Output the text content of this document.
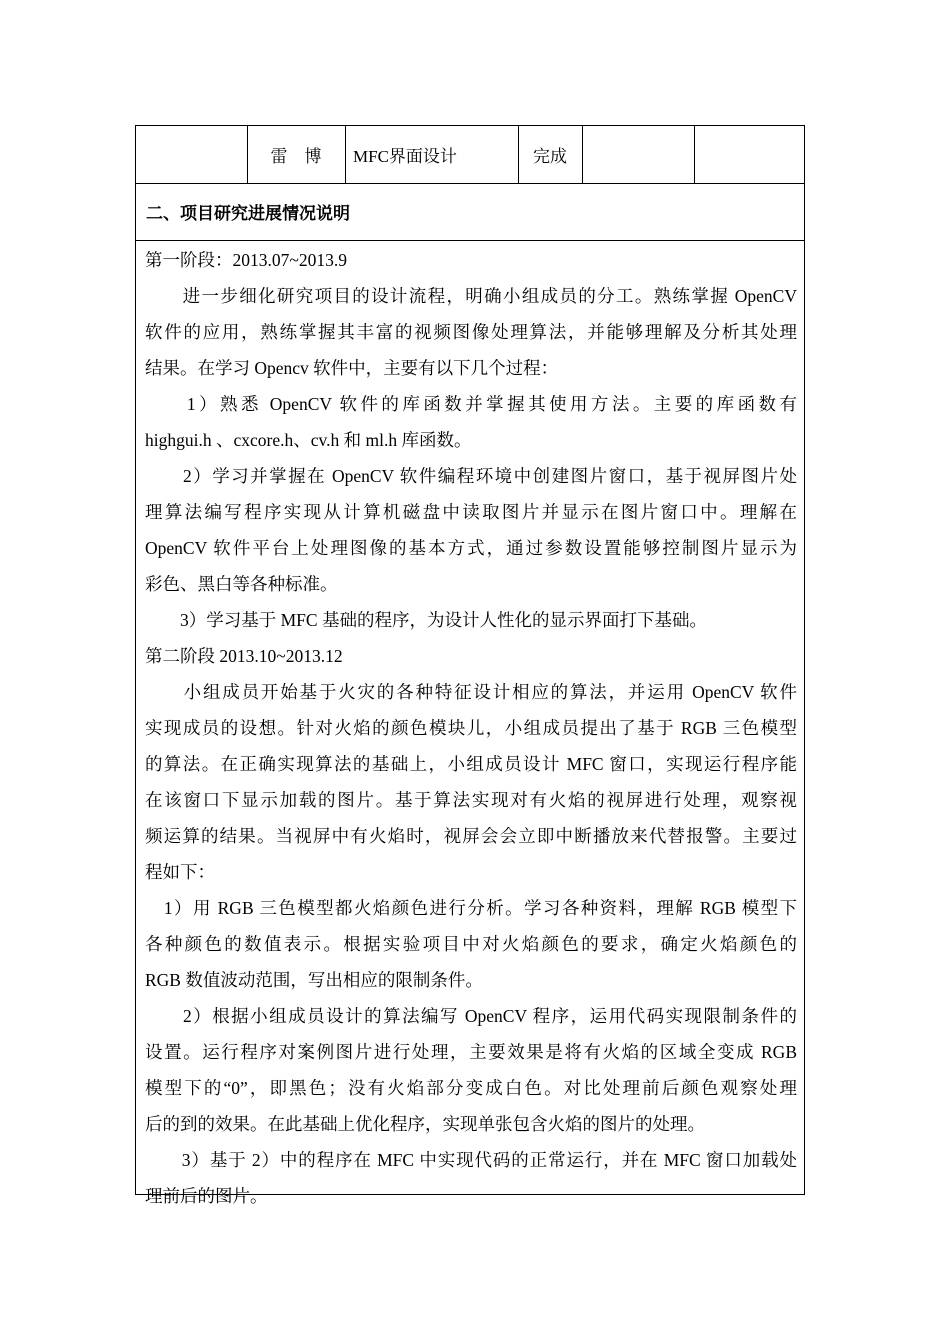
雷　博	MFC界面设计	完成
二、项目研究进展情况说明
第一阶段：2013.07~2013.9
　　进一步细化研究项目的设计流程，明确小组成员的分工。熟练掌握 OpenCV
软件的应用，熟练掌握其丰富的视频图像处理算法，并能够理解及分析其处理
结果。在学习 Opencv 软件中，主要有以下几个过程：
　　1）熟悉 OpenCV 软件的库函数并掌握其使用方法。主要的库函数有
highgui.h 、cxcore.h、cv.h 和 ml.h 库函数。
　　2）学习并掌握在 OpenCV 软件编程环境中创建图片窗口，基于视屏图片处
理算法编写程序实现从计算机磁盘中读取图片并显示在图片窗口中。理解在
OpenCV 软件平台上处理图像的基本方式，通过参数设置能够控制图片显示为
彩色、黑白等各种标准。
　　3）学习基于 MFC 基础的程序，为设计人性化的显示界面打下基础。
第二阶段 2013.10~2013.12
　　小组成员开始基于火灾的各种特征设计相应的算法，并运用 OpenCV 软件
实现成员的设想。针对火焰的颜色模块儿，小组成员提出了基于 RGB 三色模型
的算法。在正确实现算法的基础上，小组成员设计 MFC 窗口，实现运行程序能
在该窗口下显示加载的图片。基于算法实现对有火焰的视屏进行处理，观察视
频运算的结果。当视屏中有火焰时，视屏会会立即中断播放来代替报警。主要过
程如下：
　1）用 RGB 三色模型都火焰颜色进行分析。学习各种资料，理解 RGB 模型下
各种颜色的数值表示。根据实验项目中对火焰颜色的要求，确定火焰颜色的
RGB 数值波动范围，写出相应的限制条件。
　　2）根据小组成员设计的算法编写 OpenCV 程序，运用代码实现限制条件的
设置。运行程序对案例图片进行处理，主要效果是将有火焰的区域全变成 RGB
模型下的“0”，即黑色；没有火焰部分变成白色。对比处理前后颜色观察处理
后的到的效果。在此基础上优化程序，实现单张包含火焰的图片的处理。
　　3）基于 2）中的程序在 MFC 中实现代码的正常运行，并在 MFC 窗口加载处
理前后的图片。
